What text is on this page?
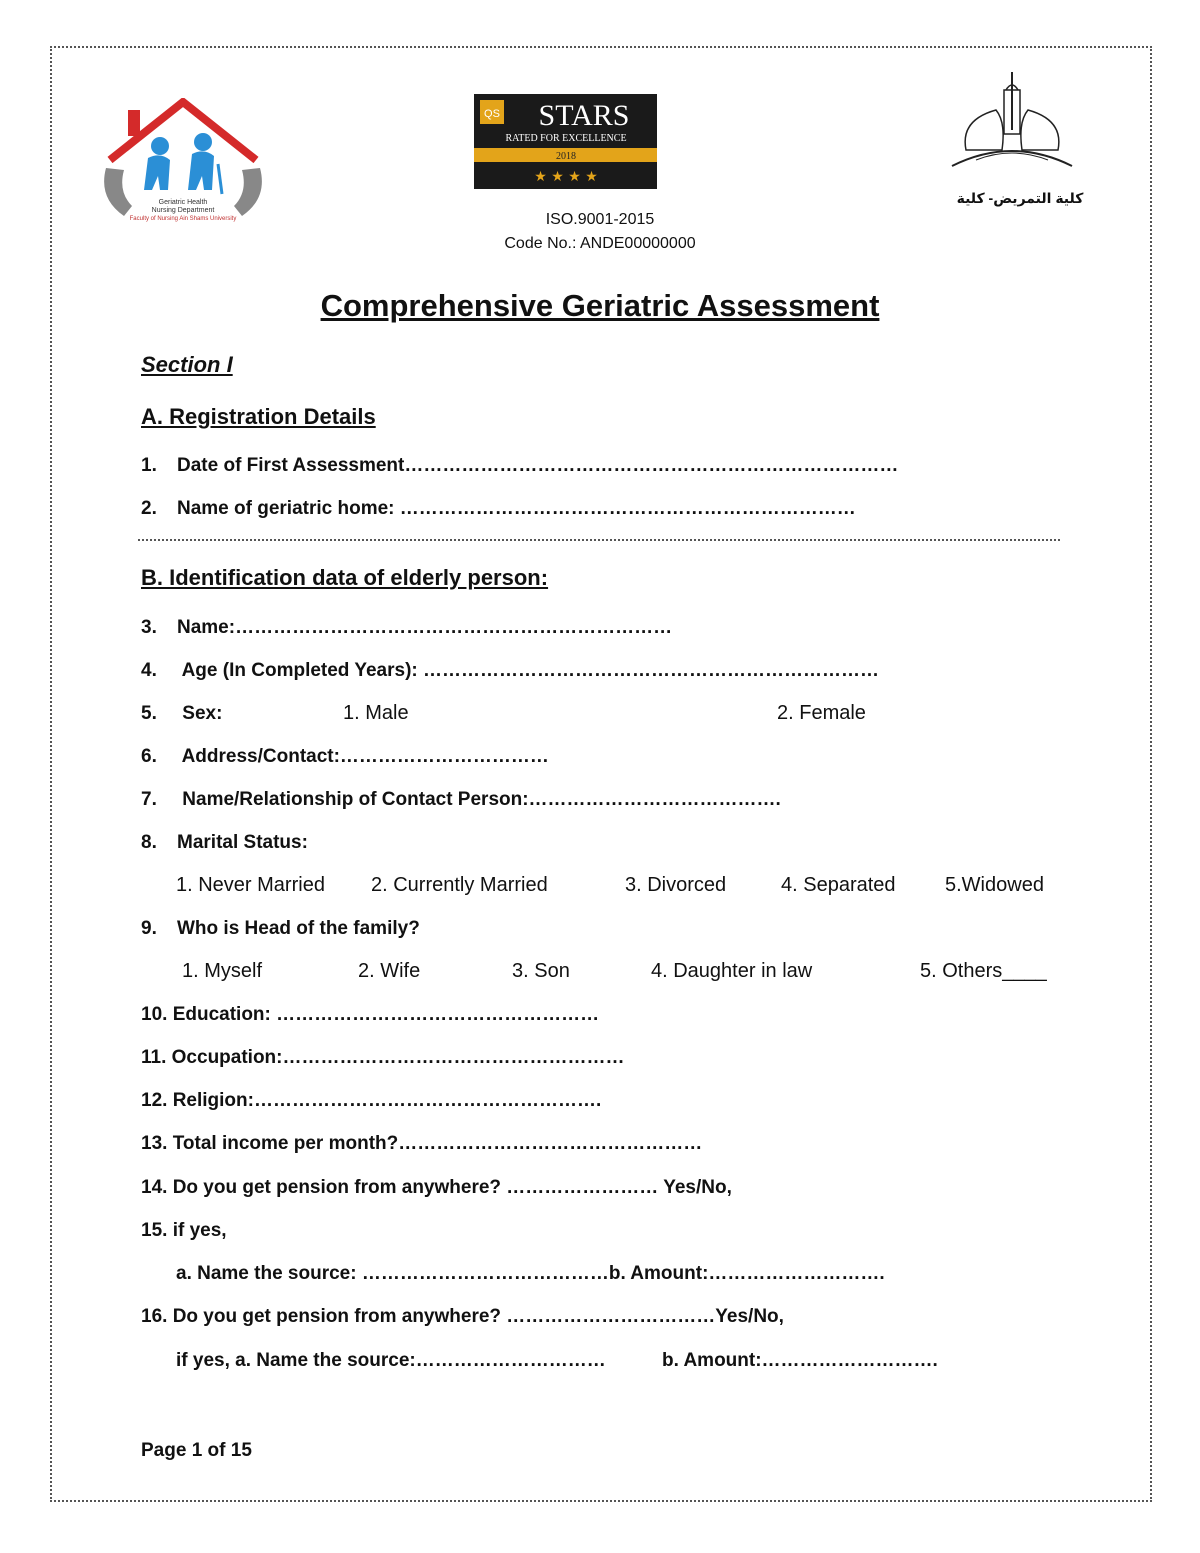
Geriatric Health
Nursing Department
Faculty of Nursing Ain Shams University
QS STARS
RATED FOR EXCELLENCE
2018
★ ★ ★ ★
كلية التمريض- كلية
ISO.9001-2015
Code No.: ANDE00000000
Comprehensive Geriatric Assessment
Section I
A. Registration Details
1. Date of First Assessment……………………………………………………………………
2. Name of geriatric home: ………………………………………………………………
B. Identification data of elderly person:
3. Name:……………………………………………………………
4. Age (In Completed Years): ………………………………………………………………
5. Sex:	1. Male	2. Female
6. Address/Contact:……………………………
7. Name/Relationship of Contact Person:………………………………….
8. Marital Status:
1. Never Married 2. Currently Married	3. Divorced	4. Separated 5.Widowed
9. Who is Head of the family?
1. Myself	2. Wife	3. Son	4. Daughter in law	5. Others____
10. Education: ……………………………………………
11. Occupation:………………………………………………
12. Religion:……………………………………………….
13. Total income per month?…………………………………………
14. Do you get pension from anywhere? …………………… Yes/No,
15. if yes,
a. Name the source: …………………………………b. Amount:……………………….
16. Do you get pension from anywhere? ……………………………Yes/No,
if yes, a. Name the source:…………………………	b. Amount:……………………….
Page 1 of 15
